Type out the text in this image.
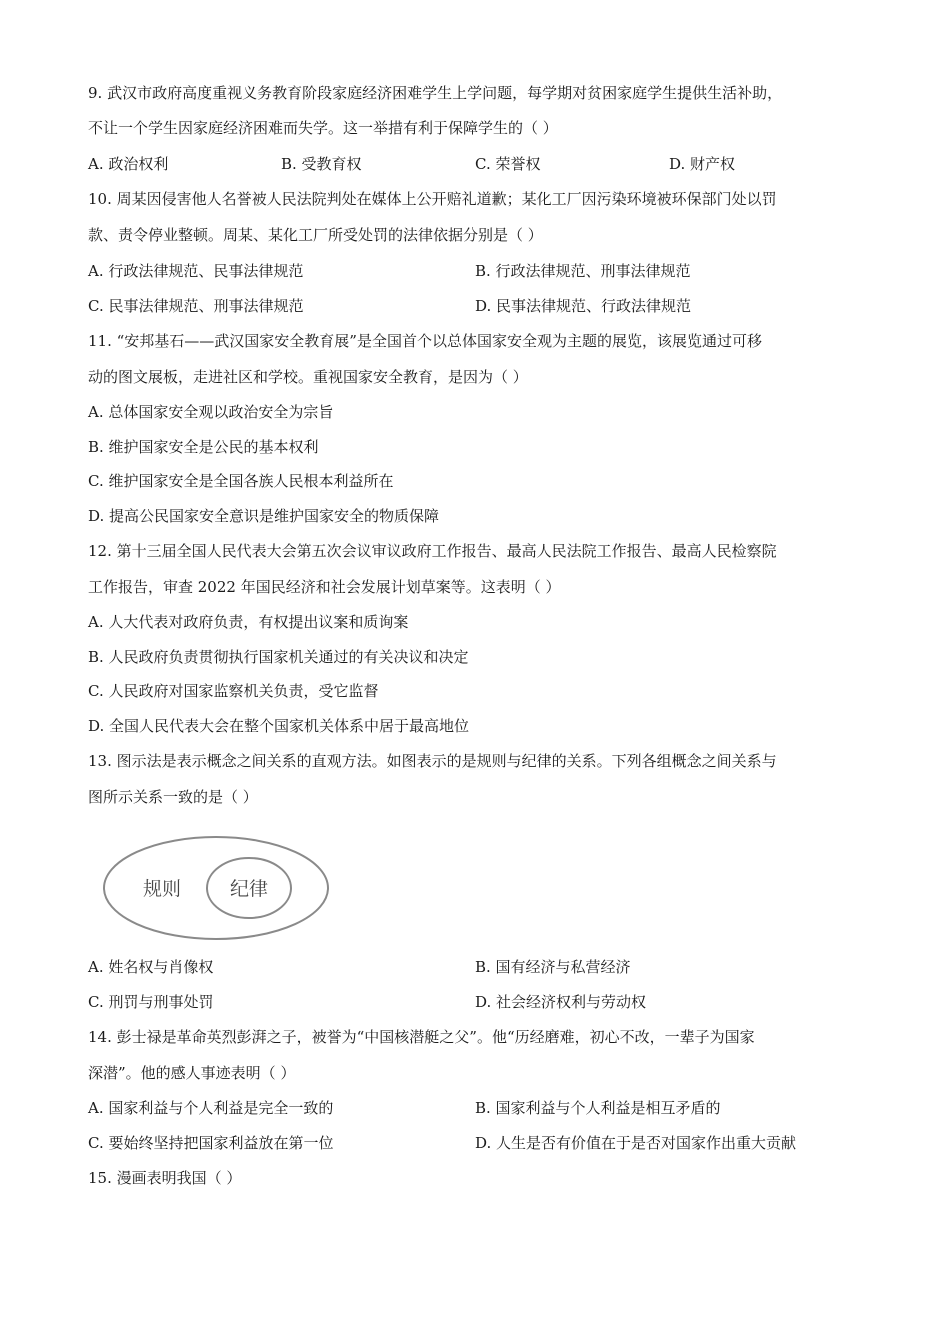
9. 武汉市政府高度重视义务教育阶段家庭经济困难学生上学问题，每学期对贫困家庭学生提供生活补助，
不让一个学生因家庭经济困难而失学。这一举措有利于保障学生的（ ）
A. 政治权利	B. 受教育权	C. 荣誉权	D. 财产权
10. 周某因侵害他人名誉被人民法院判处在媒体上公开赔礼道歉；某化工厂因污染环境被环保部门处以罚
款、责令停业整顿。周某、某化工厂所受处罚的法律依据分别是（ ）
A. 行政法律规范、民事法律规范	B. 行政法律规范、刑事法律规范
C. 民事法律规范、刑事法律规范	D. 民事法律规范、行政法律规范
11. “安邦基石——武汉国家安全教育展”是全国首个以总体国家安全观为主题的展览，该展览通过可移
动的图文展板，走进社区和学校。重视国家安全教育，是因为（ ）
A. 总体国家安全观以政治安全为宗旨
B. 维护国家安全是公民的基本权利
C. 维护国家安全是全国各族人民根本利益所在
D. 提高公民国家安全意识是维护国家安全的物质保障
12. 第十三届全国人民代表大会第五次会议审议政府工作报告、最高人民法院工作报告、最高人民检察院
工作报告，审查 2022 年国民经济和社会发展计划草案等。这表明（ ）
A. 人大代表对政府负责，有权提出议案和质询案
B. 人民政府负责贯彻执行国家机关通过的有关决议和决定
C. 人民政府对国家监察机关负责，受它监督
D. 全国人民代表大会在整个国家机关体系中居于最高地位
13. 图示法是表示概念之间关系的直观方法。如图表示的是规则与纪律的关系。下列各组概念之间关系与
图所示关系一致的是（ ）
规则	纪律
A. 姓名权与肖像权	B. 国有经济与私营经济
C. 刑罚与刑事处罚	D. 社会经济权利与劳动权
14. 彭士禄是革命英烈彭湃之子，被誉为“中国核潜艇之父”。他“历经磨难，初心不改，一辈子为国家
深潜”。他的感人事迹表明（ ）
A. 国家利益与个人利益是完全一致的	B. 国家利益与个人利益是相互矛盾的
C. 要始终坚持把国家利益放在第一位	D. 人生是否有价值在于是否对国家作出重大贡献
15. 漫画表明我国（ ）
